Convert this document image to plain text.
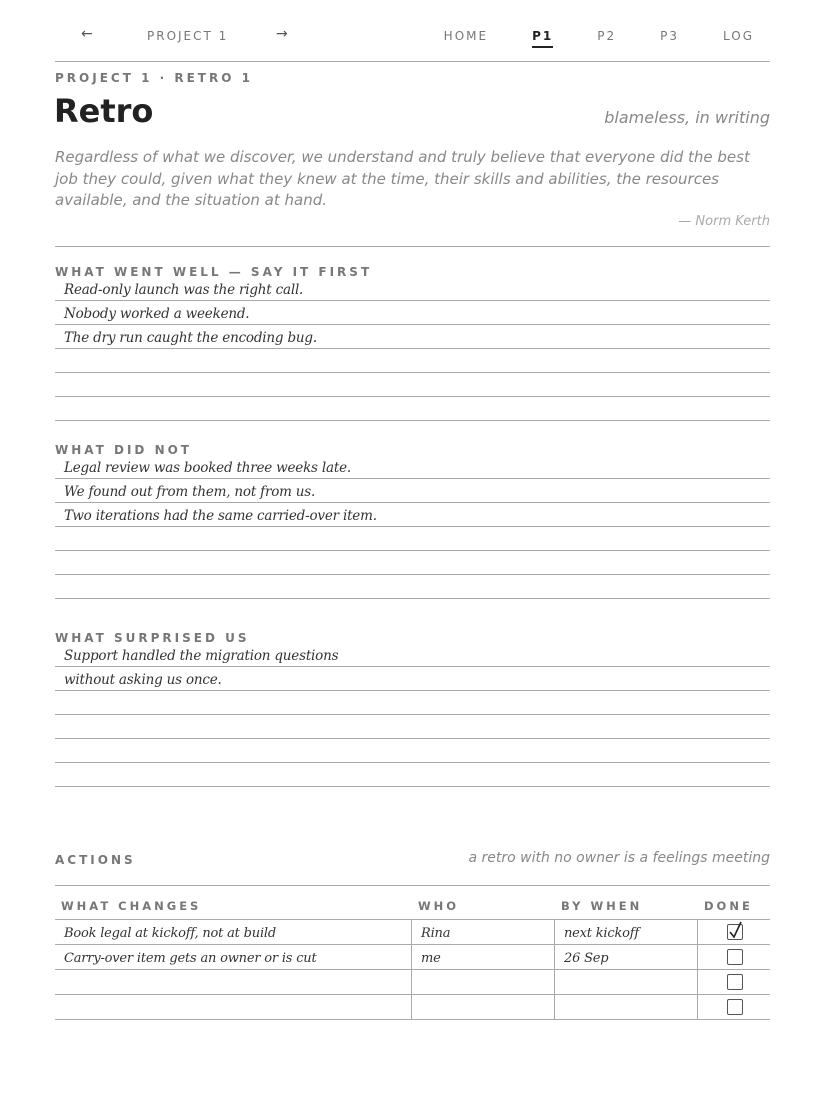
←	PROJECT 1	→	HOME	P1	P2	P3	LOG
PROJECT 1 · RETRO 1
Retro	blameless, in writing
Regardless of what we discover, we understand and truly believe that everyone did the best job they could, given what they knew at the time, their skills and abilities, the resources available, and the situation at hand.
— Norm Kerth
WHAT WENT WELL — SAY IT FIRST
Read-only launch was the right call.
Nobody worked a weekend.
The dry run caught the encoding bug.
WHAT DID NOT
Legal review was booked three weeks late.
We found out from them, not from us.
Two iterations had the same carried-over item.
WHAT SURPRISED US
Support handled the migration questions
without asking us once.
ACTIONS	a retro with no owner is a feelings meeting
WHAT CHANGES	WHO	BY WHEN	DONE
Book legal at kickoff, not at build	Rina	next kickoff
Carry-over item gets an owner or is cut	me	26 Sep
